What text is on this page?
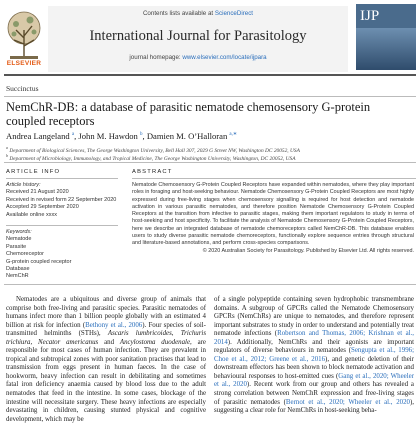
Contents lists available at ScienceDirect
International Journal for Parasitology
journal homepage: www.elsevier.com/locate/ijpara
ELSEVIER
IJP
Succinctus
NemChR-DB: a database of parasitic nematode chemosensory G-protein coupled receptors
Andrea Langeland $^a$, John M. Hawdon $^b$, Damien M. O’Halloran $^{a,∗}$
$^a$ Department of Biological Sciences, The George Washington University, Bell Hall 307, 2029 G Street NW, Washington DC 20052, USA
$^b$ Department of Microbiology, Immunology, and Tropical Medicine, The George Washington University, Washington, DC 20052, USA
ARTICLE INFO
Article history:
Received 21 August 2020
Received in revised form 22 September 2020
Accepted 29 September 2020
Available online xxxx
Keywords:
Nematode
Parasite
Chemoreceptor
G-protein coupled receptor
Database
NemChR
ABSTRACT
Nematode Chemosensory G-Protein Coupled Receptors have expanded within nematodes, where they play important roles in foraging and host-seeking behaviour. Nematode Chemosensory G-Protein Coupled Receptors are most highly expressed during free-living stages when chemosensory signalling is required for host detection and nematode activation in various parasitic nematodes, and therefore position Nematode Chemosensory G-Protein Coupled Receptors at the transition from infective to parasitic stages, making them important regulators to study in terms of host-seeking and host specificity. To facilitate the analysis of Nematode Chemosensory G-Protein Coupled Receptors, here we describe an integrated database of nematode chemoreceptors called NemChR-DB. This database enables users to study diverse parasitic nematode chemoreceptors, functionally explore sequence entries through structural and literature-based annotations, and perform cross-species comparisons.
© 2020 Australian Society for Parasitology. Published by Elsevier Ltd. All rights reserved.
Nematodes are a ubiquitous and diverse group of animals that comprise both free-living and parasitic species. Parasitic nematodes of humans infect more than 1 billion people globally with an estimated 4 billion at risk for infection (Bethony et al., 2006). Four species of soil-transmitted helminths (STHs), Ascaris lumbricoides, Trichuris trichiura, Necator americanus and Ancylostoma duodenale, are responsible for most cases of human infection. They are prevalent in tropical and subtropical zones with poor sanitation practises that lead to transmission from eggs present in human faeces. In the case of hookworm, heavy infection can result in debilitating and sometimes fatal iron deficiency anaemia caused by blood loss due to the adult nematodes that feed in the intestine. In some cases, blockage of the intestine will necessitate surgery. These heavy infections are especially devastating in children, causing stunted physical and cognitive development, which may be
of a single polypeptide containing seven hydrophobic transmembrane domains. A subgroup of GPCRs called the Nematode Chemosensory GPCRs (NemChRs) are unique to nematodes, and therefore represent important substrates to study in order to understand and potentially treat nematode infections (Robertson and Thomas, 2006; Krishnan et al., 2014). Additionally, NemChRs and their agonists are important regulators of diverse behaviours in nematodes (Sengupta et al., 1996; Choe et al., 2012; Greene et al., 2016), and genetic deletion of their downstream effectors has been shown to block nematode activation and behavioural responses to host-emitted cues (Gang et al., 2020; Wheeler et al., 2020). Recent work from our group and others has revealed a strong correlation between NemChR expression and free-living stages of parasitic nematodes (Bernot et al., 2020; Wheeler et al., 2020), suggesting a clear role for NemChRs in host-seeking beha-
